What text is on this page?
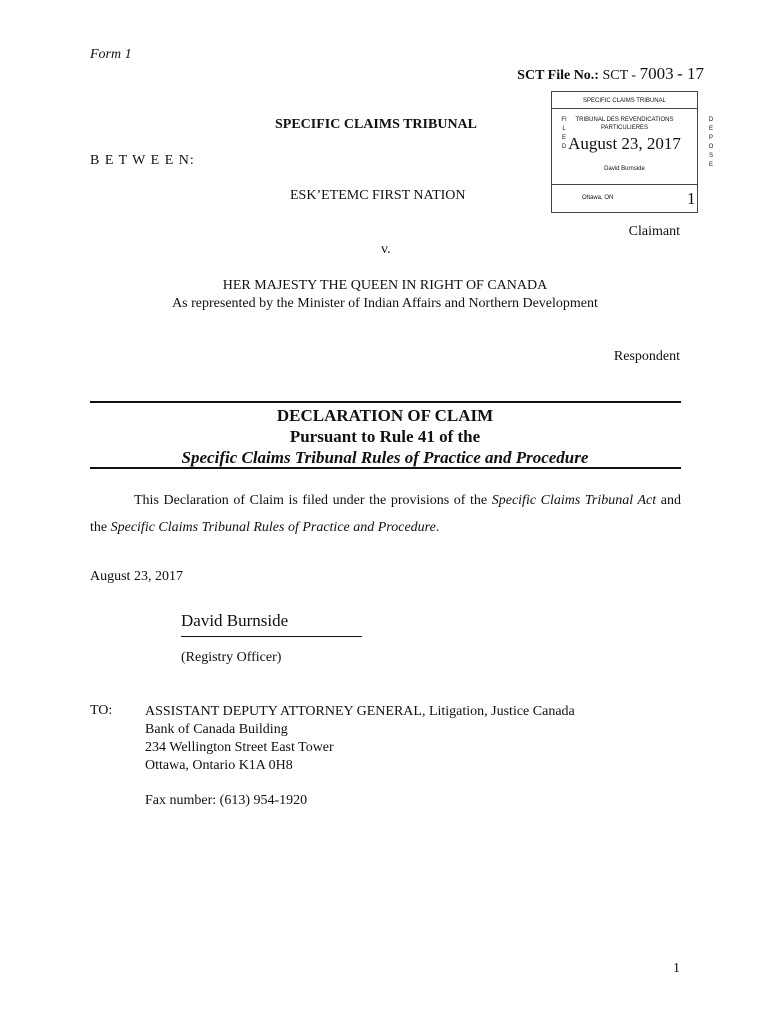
Form 1
SCT File No.: SCT - 7003 - 17
SPECIFIC CLAIMS TRIBUNAL
FILED
TRIBUNAL DES REVENDICATIONS PARTICULIERES
August 23, 2017
David Burnside
DEPOSE
Ottawa, ON	1
SPECIFIC CLAIMS TRIBUNAL
B E T W E E N:
ESK’ETEMC FIRST NATION
Claimant
v.
HER MAJESTY THE QUEEN IN RIGHT OF CANADA
As represented by the Minister of Indian Affairs and Northern Development
Respondent
DECLARATION OF CLAIM
Pursuant to Rule 41 of the
Specific Claims Tribunal Rules of Practice and Procedure
This Declaration of Claim is filed under the provisions of the Specific Claims Tribunal Act and the Specific Claims Tribunal Rules of Practice and Procedure.
August 23, 2017
David Burnside
(Registry Officer)
TO: ASSISTANT DEPUTY ATTORNEY GENERAL, Litigation, Justice Canada
Bank of Canada Building
234 Wellington Street East Tower
Ottawa, Ontario K1A 0H8
Fax number: (613) 954-1920
1
